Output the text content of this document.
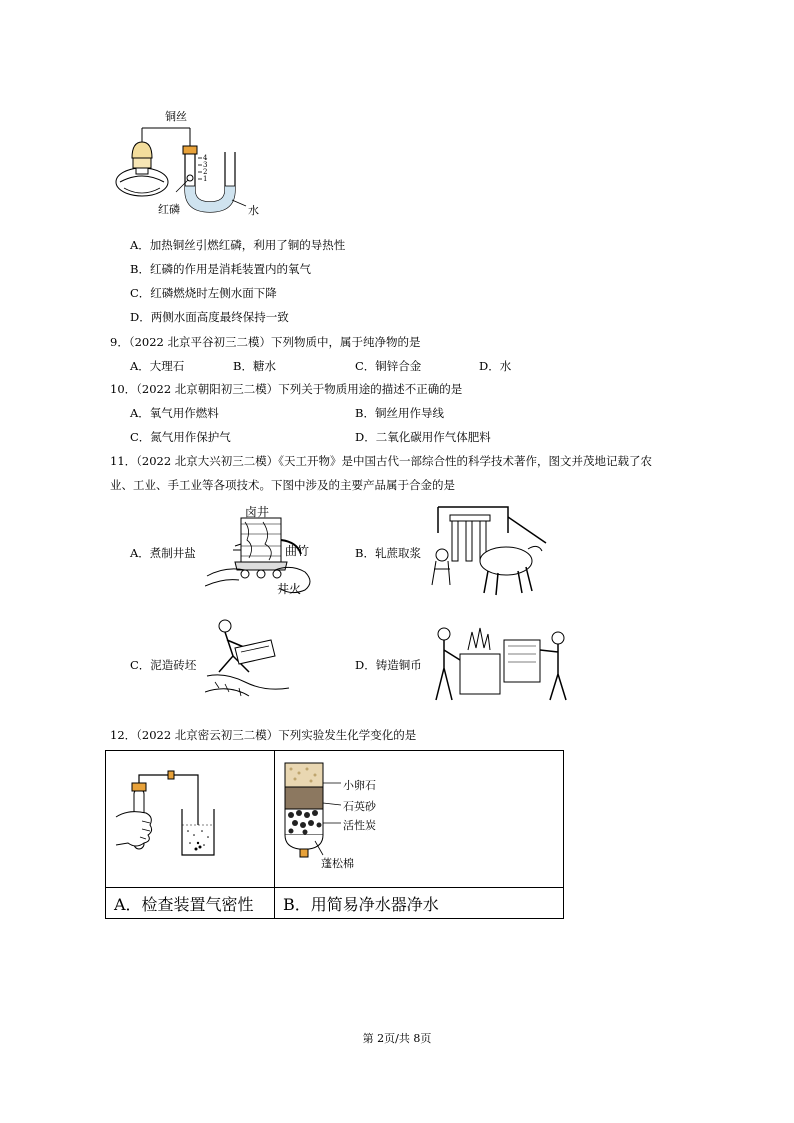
铜丝
4
3
2
1
红磷	水
A．加热铜丝引燃红磷，利用了铜的导热性
B．红磷的作用是消耗装置内的氧气
C．红磷燃烧时左侧水面下降
D．两侧水面高度最终保持一致
9．（2022 北京平谷初三二模）下列物质中，属于纯净物的是
A．大理石	B．糖水	C．铜锌合金	D．水
10．（2022 北京朝阳初三二模）下列关于物质用途的描述不正确的是
A．氧气用作燃料	B．铜丝用作导线
C．氮气用作保护气	D．二氧化碳用作气体肥料
11．（2022 北京大兴初三二模）《天工开物》是中国古代一部综合性的科学技术著作，图文并茂地记载了农
业、工业、手工业等各项技术。下图中涉及的主要产品属于合金的是
A．煮制井盐
卤井
曲竹
井火
B．轧蔗取浆
C．泥造砖坯	D．铸造铜币
12．（2022 北京密云初三二模）下列实验发生化学变化的是

小卵石
石英砂
活性炭
蓬松棉

A．检查装置气密性	B．用简易净水器净水
第 2页/共 8页
